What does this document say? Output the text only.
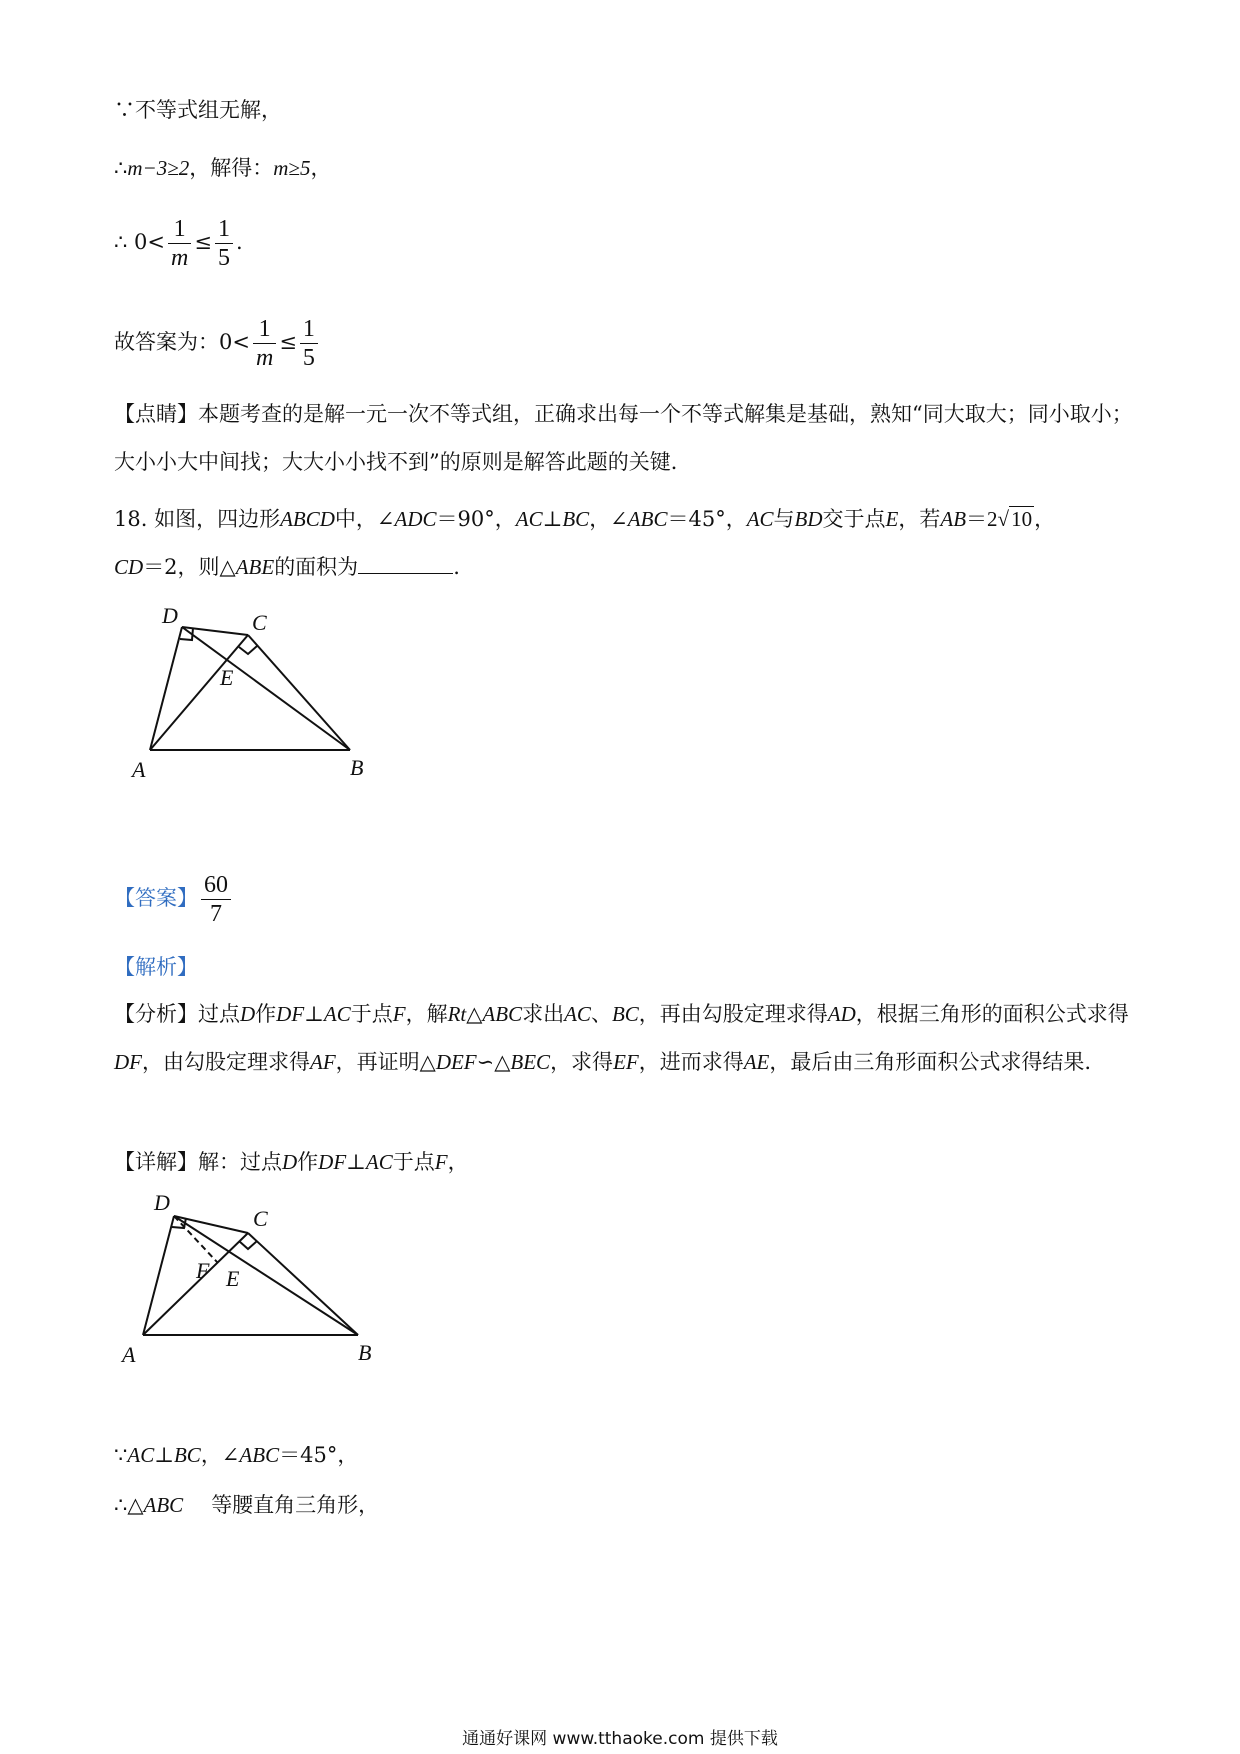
∵不等式组无解，
∴m−3≥2，解得：m≥5，
∴ $0< \frac{1}{m} \le \frac{1}{5}$ .
故答案为：$0< \frac{1}{m} \le \frac{1}{5}$
【点睛】本题考查的是解一元一次不等式组，正确求出每一个不等式解集是基础，熟知“同大取大；同小取小；大小小大中间找；大大小小找不到”的原则是解答此题的关键．
18. 如图，四边形ABCD中，∠ADC＝90°，AC⊥BC，∠ABC＝45°，AC与BD交于点E，若AB＝2√10，
CD＝2，则△ABE的面积为	.
D	C
E
A	B
【答案】 $\frac{60}{7}$
【解析】
【分析】过点D作DF⊥AC于点F，解Rt△ABC求出AC、BC，再由勾股定理求得AD，根据三角形的面积公式求得DF，由勾股定理求得AF，再证明△DEF∽△BEC，求得EF，进而求得AE，最后由三角形面积公式求得结果.
【详解】解：过点D作DF⊥AC于点F，
D
C
F E
A	B
∵AC⊥BC，∠ABC＝45°，
∴△ABC 等腰直角三角形，
通通好课网 www.tthaoke.com 提供下载
